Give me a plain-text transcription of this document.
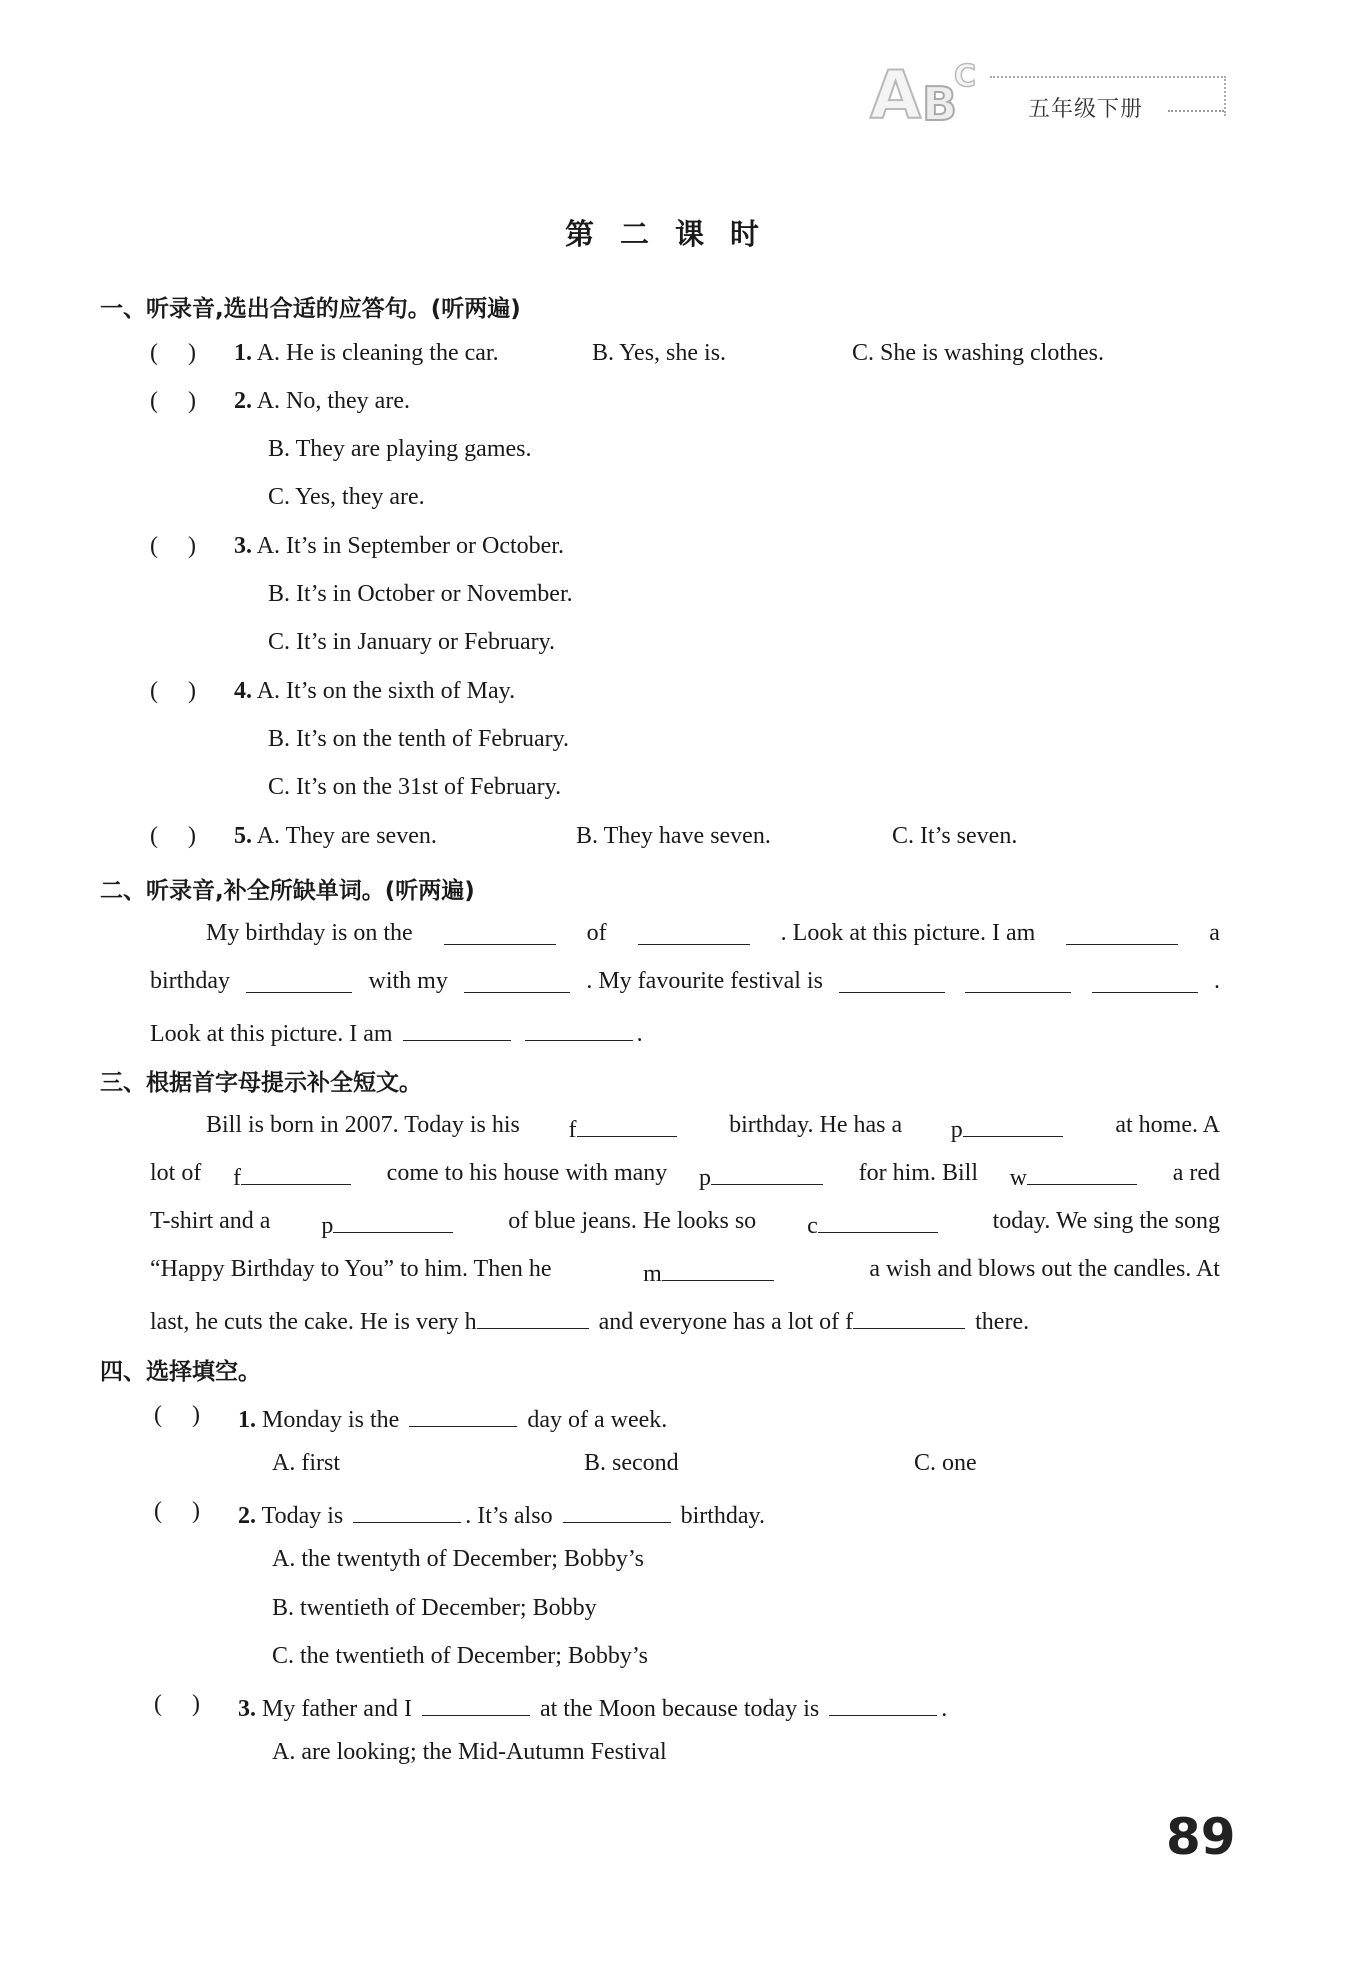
A B
C
五年级下册
第二课时
一、听录音,选出合适的应答句。(听两遍)
(     ) 1. A. He is cleaning the car.	B. Yes, she is.	C. She is washing clothes.
(     ) 2. A. No, they are.
B. They are playing games.
C. Yes, they are.
(     ) 3. A. It’s in September or October.
B. It’s in October or November.
C. It’s in January or February.
(     ) 4. A. It’s on the sixth of May.
B. It’s on the tenth of February.
C. It’s on the 31st of February.
(     ) 5. A. They are seven.	B. They have seven.	C. It’s seven.
二、听录音,补全所缺单词。(听两遍)
My birthday is on the	of	. Look at this picture. I am	a
birthday	with my	. My favourite festival is	.
Look at this picture. I am	.
三、根据首字母提示补全短文。
Bill is born in 2007. Today is his f	birthday. He has a p	at home. A
lot of f	come to his house with many p	for him. Bill w	a red
T-shirt and a p	of blue jeans. He looks so c	today. We sing the song
“Happy Birthday to You” to him. Then he	m	a wish and blows out the candles. At
last, he cuts the cake. He is very h	and everyone has a lot of f	there.
四、选择填空。
(     ) 1. Monday is the	day of a week.
A. first	B. second	C. one
(     ) 2. Today is	. It’s also	birthday.
A. the twentyth of December; Bobby’s
B. twentieth of December; Bobby
C. the twentieth of December; Bobby’s
(     ) 3. My father and I	at the Moon because today is	.
A. are looking; the Mid-Autumn Festival
89
